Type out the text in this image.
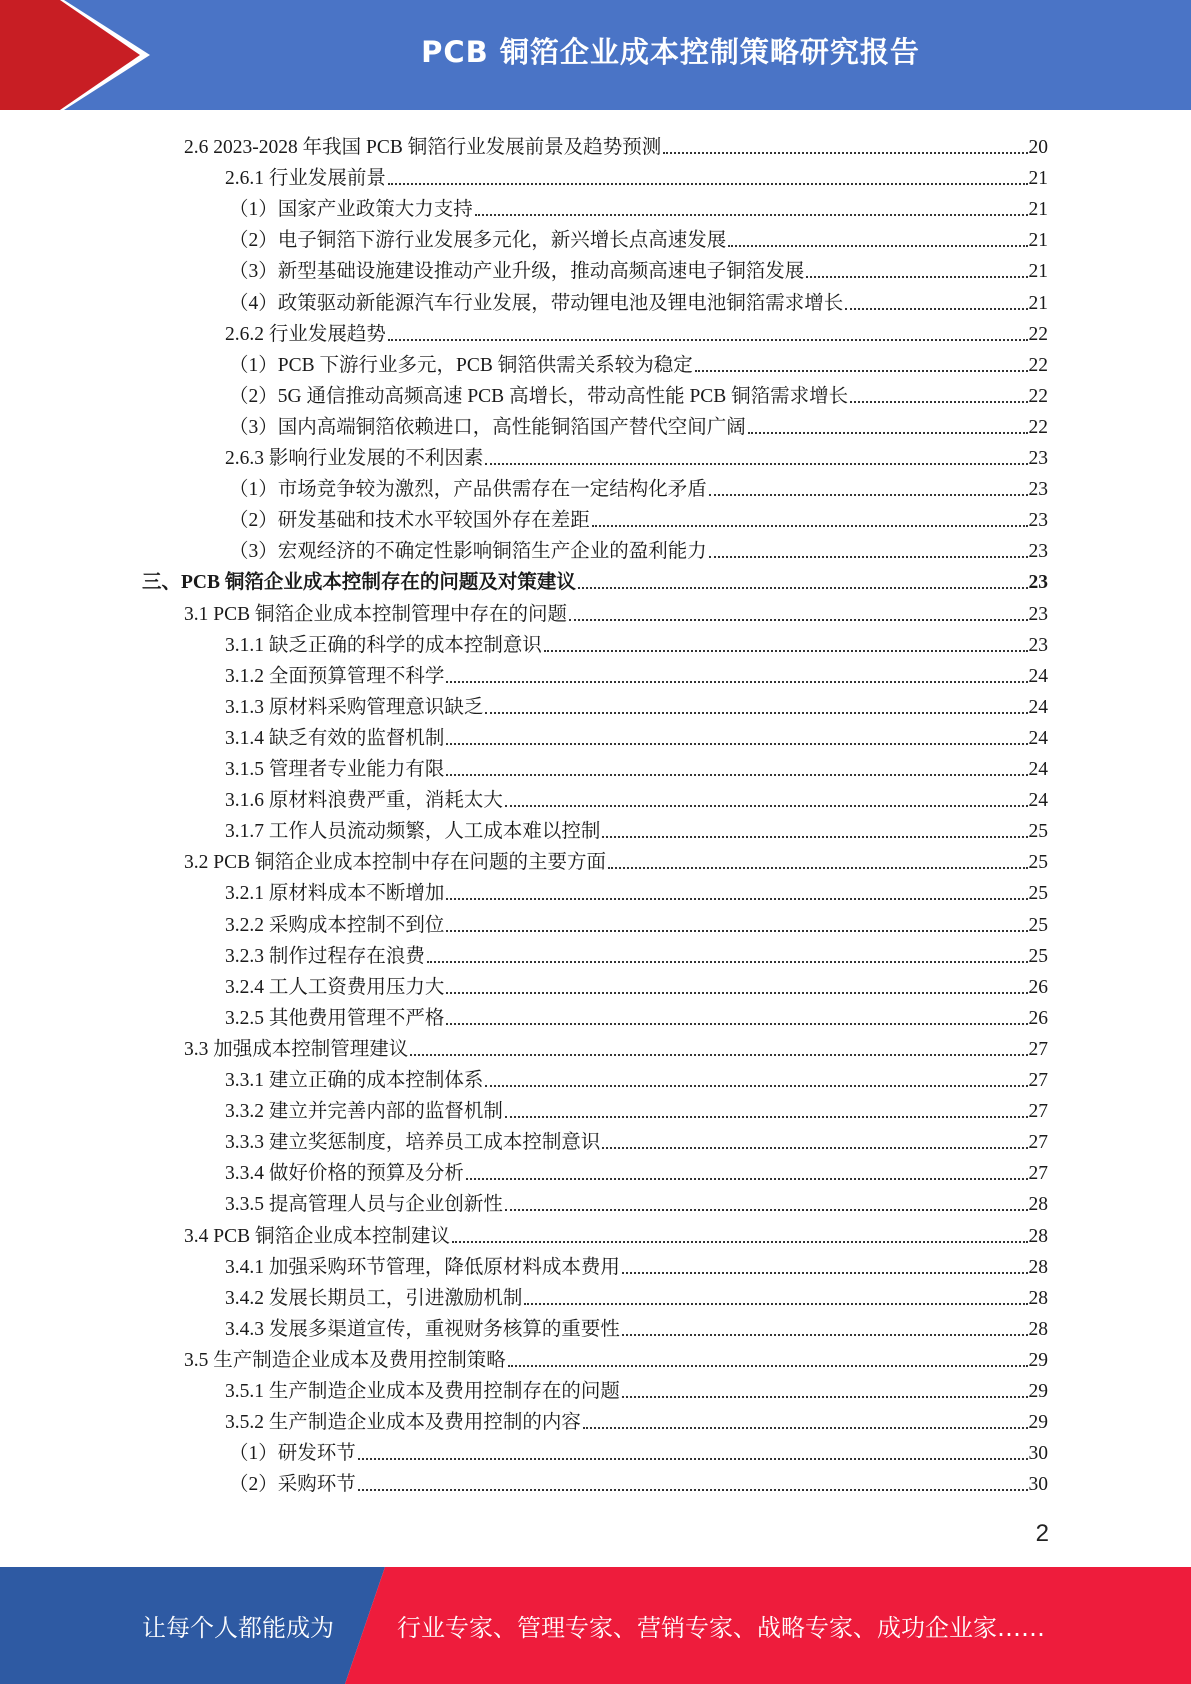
PCB 铜箔企业成本控制策略研究报告
2.6 2023-2028 年我国 PCB 铜箔行业发展前景及趋势预测	20
2.6.1 行业发展前景	21
（1）国家产业政策大力支持	21
（2）电子铜箔下游行业发展多元化，新兴增长点高速发展	21
（3）新型基础设施建设推动产业升级，推动高频高速电子铜箔发展	21
（4）政策驱动新能源汽车行业发展，带动锂电池及锂电池铜箔需求增长	21
2.6.2 行业发展趋势	22
（1）PCB 下游行业多元，PCB 铜箔供需关系较为稳定	22
（2）5G 通信推动高频高速 PCB 高增长，带动高性能 PCB 铜箔需求增长	22
（3）国内高端铜箔依赖进口，高性能铜箔国产替代空间广阔	22
2.6.3 影响行业发展的不利因素	23
（1）市场竞争较为激烈，产品供需存在一定结构化矛盾	23
（2）研发基础和技术水平较国外存在差距	23
（3）宏观经济的不确定性影响铜箔生产企业的盈利能力	23
三、PCB 铜箔企业成本控制存在的问题及对策建议	23
3.1 PCB 铜箔企业成本控制管理中存在的问题	23
3.1.1 缺乏正确的科学的成本控制意识	23
3.1.2 全面预算管理不科学	24
3.1.3 原材料采购管理意识缺乏	24
3.1.4 缺乏有效的监督机制	24
3.1.5 管理者专业能力有限	24
3.1.6 原材料浪费严重，消耗太大	24
3.1.7 工作人员流动频繁，人工成本难以控制	25
3.2 PCB 铜箔企业成本控制中存在问题的主要方面	25
3.2.1 原材料成本不断增加	25
3.2.2 采购成本控制不到位	25
3.2.3 制作过程存在浪费	25
3.2.4 工人工资费用压力大	26
3.2.5 其他费用管理不严格	26
3.3 加强成本控制管理建议	27
3.3.1 建立正确的成本控制体系	27
3.3.2 建立并完善内部的监督机制	27
3.3.3 建立奖惩制度，培养员工成本控制意识	27
3.3.4 做好价格的预算及分析	27
3.3.5 提高管理人员与企业创新性	28
3.4 PCB 铜箔企业成本控制建议	28
3.4.1 加强采购环节管理，降低原材料成本费用	28
3.4.2 发展长期员工，引进激励机制	28
3.4.3 发展多渠道宣传，重视财务核算的重要性	28
3.5 生产制造企业成本及费用控制策略	29
3.5.1 生产制造企业成本及费用控制存在的问题	29
3.5.2 生产制造企业成本及费用控制的内容	29
（1）研发环节	30
（2）采购环节	30
2
让每个人都能成为	行业专家、管理专家、营销专家、战略专家、成功企业家……
